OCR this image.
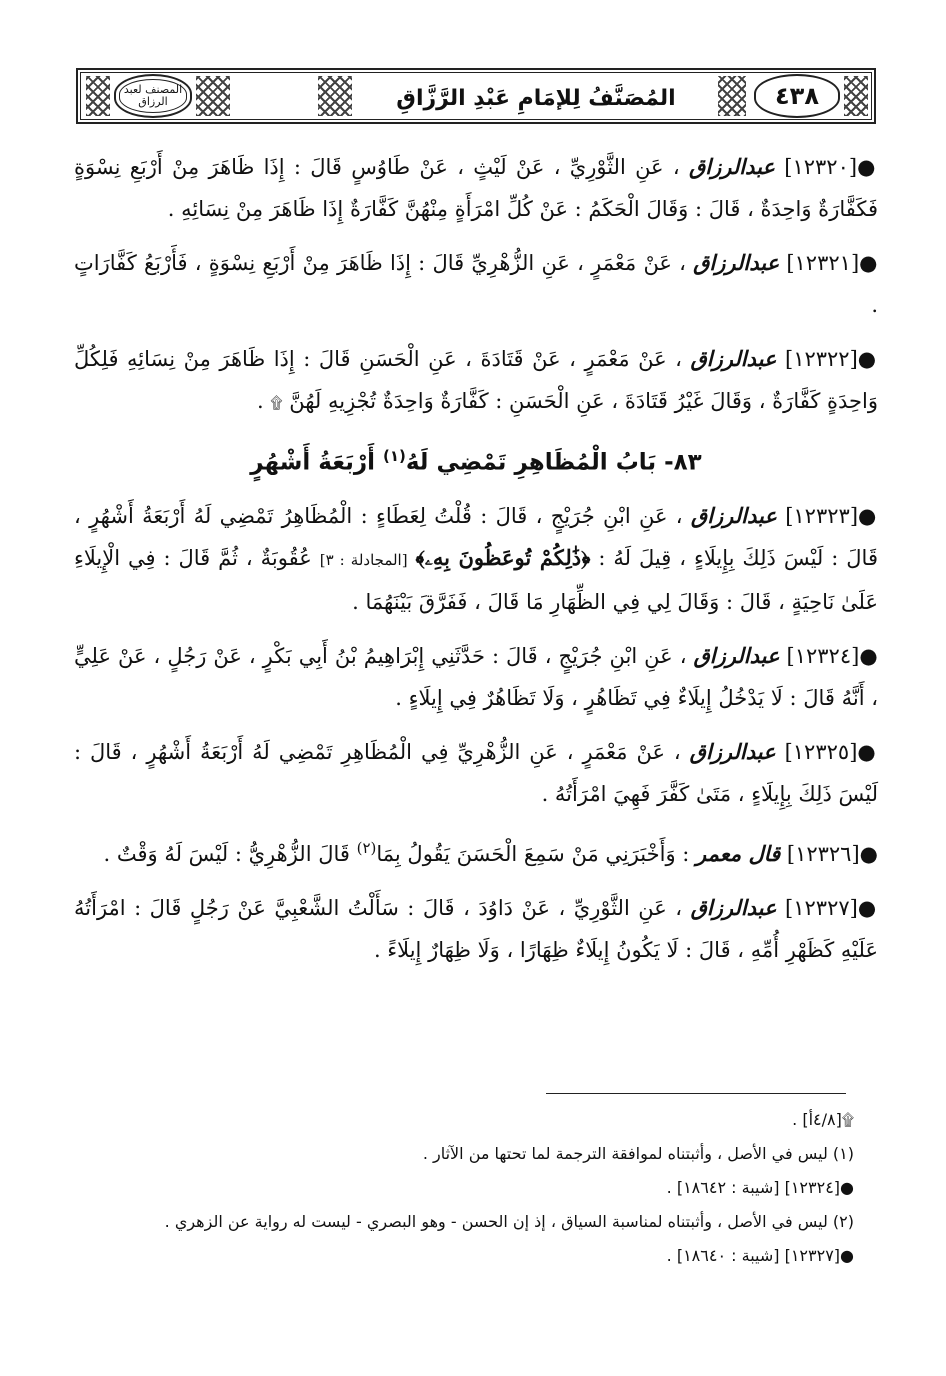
المصنف لعبد الرزاق	المُصَنَّفُ لِلإمَامِ عَبْدِ الرَّزَّاقِ	٤٣٨

●[١٢٣٢٠] عبدالرزاق ، عَنِ الثَّوْرِيِّ ، عَنْ لَيْثٍ ، عَنْ طَاوُسٍ قَالَ : إِذَا ظَاهَرَ مِنْ أَرْبَعِ نِسْوَةٍ فَكَفَّارَةٌ وَاحِدَةٌ ، قَالَ : وَقَالَ الْحَكَمُ : عَنْ كُلِّ امْرَأَةٍ مِنْهُنَّ كَفَّارَةٌ إِذَا ظَاهَرَ مِنْ نِسَائِهِ .

●[١٢٣٢١] عبدالرزاق ، عَنْ مَعْمَرٍ ، عَنِ الزُّهْرِيِّ قَالَ : إِذَا ظَاهَرَ مِنْ أَرْبَعِ نِسْوَةٍ ، فَأَرْبَعُ كَفَّارَاتٍ .

●[١٢٣٢٢] عبدالرزاق ، عَنْ مَعْمَرٍ ، عَنْ قَتَادَةَ ، عَنِ الْحَسَنِ قَالَ : إِذَا ظَاهَرَ مِنْ نِسَائِهِ فَلِكُلِّ وَاحِدَةٍ كَفَّارَةٌ ، وَقَالَ غَيْرُ قَتَادَةَ ، عَنِ الْحَسَنِ : كَفَّارَةٌ وَاحِدَةٌ تُجْزِيهِ لَهُنَّ ۩ .

٨٣- بَابُ الْمُظَاهِرِ تَمْضِي لَهُ$^{(١)}$ أَرْبَعَةُ أَشْهُرٍ

●[١٢٣٢٣] عبدالرزاق ، عَنِ ابْنِ جُرَيْجٍ ، قَالَ : قُلْتُ لِعَطَاءٍ : الْمُظَاهِرُ تَمْضِي لَهُ أَرْبَعَةُ أَشْهُرٍ ، قَالَ : لَيْسَ ذَلِكَ بِإِيلَاءٍ ، قِيلَ لَهُ : ﴿ذَٰلِكُمْ تُوعَظُونَ بِهِۦ﴾ [المجادلة : ٣] عُقُوبَةٌ ، ثُمَّ قَالَ : فِي الْإِيلَاءِ عَلَىٰ نَاحِيَةٍ ، قَالَ : وَقَالَ لِي فِي الظِّهَارِ مَا قَالَ ، فَفَرَّقَ بَيْنَهُمَا .

●[١٢٣٢٤] عبدالرزاق ، عَنِ ابْنِ جُرَيْجٍ ، قَالَ : حَدَّثَنِي إِبْرَاهِيمُ بْنُ أَبِي بَكْرٍ ، عَنْ رَجُلٍ ، عَنْ عَلِيٍّ ، أَنَّهُ قَالَ : لَا يَدْخُلُ إِيلَاءٌ فِي تَظَاهُرٍ ، وَلَا تَظَاهُرٌ فِي إِيلَاءٍ .

●[١٢٣٢٥] عبدالرزاق ، عَنْ مَعْمَرٍ ، عَنِ الزُّهْرِيِّ فِي الْمُظَاهِرِ تَمْضِي لَهُ أَرْبَعَةُ أَشْهُرٍ ، قَالَ : لَيْسَ ذَلِكَ بِإِيلَاءٍ ، مَتَىٰ كَفَّرَ فَهِيَ امْرَأَتُهُ .

●[١٢٣٢٦] قال معمر : وَأَخْبَرَنِي مَنْ سَمِعَ الْحَسَنَ يَقُولُ بِمَا$^{(٢)}$ قَالَ الزُّهْرِيُّ : لَيْسَ لَهُ وَقْتٌ .

●[١٢٣٢٧] عبدالرزاق ، عَنِ الثَّوْرِيِّ ، عَنْ دَاوُدَ ، قَالَ : سَأَلْتُ الشَّعْبِيَّ عَنْ رَجُلٍ قَالَ : امْرَأَتُهُ عَلَيْهِ كَظَهْرِ أُمِّهِ ، قَالَ : لَا يَكُونُ إِيلَاءٌ ظِهَارًا ، وَلَا ظِهَارٌ إِيلَاءً .

۩[٤/٨أ] .

(١) ليس في الأصل ، وأثبتناه لموافقة الترجمة لما تحتها من الآثار .

●[١٢٣٢٤] [شيبة : ١٨٦٤٢] .

(٢) ليس في الأصل ، وأثبتناه لمناسبة السياق ، إذ إن الحسن - وهو البصري - ليست له رواية عن الزهري .

●[١٢٣٢٧] [شيبة : ١٨٦٤٠] .
